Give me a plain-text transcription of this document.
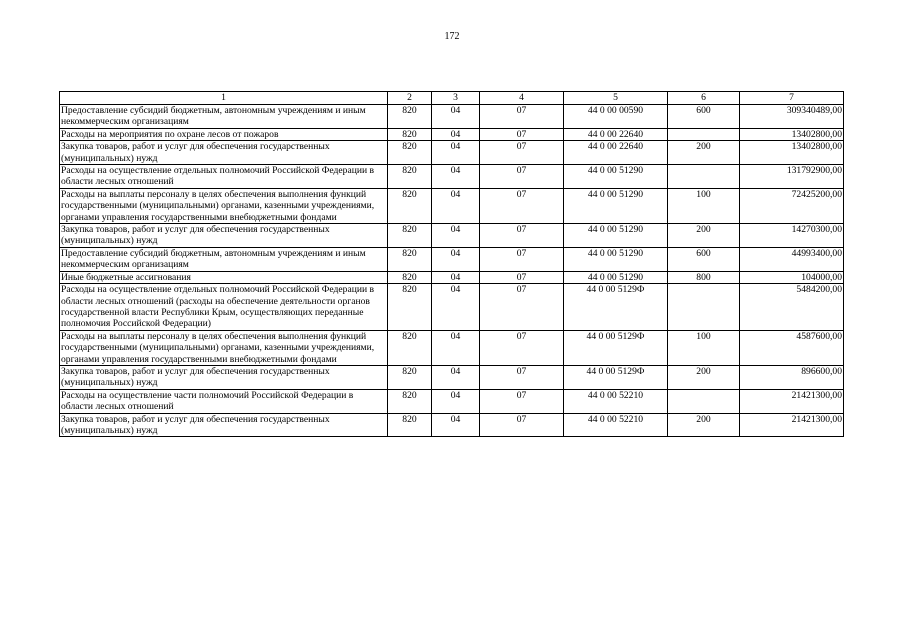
172
1	2	3	4	5	6	7
Предоставление субсидий бюджетным, автономным учреждениям и иным некоммерческим организациям	820	04	07	44 0 00 00590	600	309340489,00
Расходы на мероприятия по охране лесов от пожаров	820	04	07	44 0 00 22640		13402800,00
Закупка товаров, работ и услуг для обеспечения государственных (муниципальных) нужд	820	04	07	44 0 00 22640	200	13402800,00
Расходы на осуществление отдельных полномочий Российской Федерации в области лесных отношений	820	04	07	44 0 00 51290		131792900,00
Расходы на выплаты персоналу в целях обеспечения выполнения функций государственными (муниципальными) органами, казенными учреждениями, органами управления государственными внебюджетными фондами	820	04	07	44 0 00 51290	100	72425200,00
Закупка товаров, работ и услуг для обеспечения государственных (муниципальных) нужд	820	04	07	44 0 00 51290	200	14270300,00
Предоставление субсидий бюджетным, автономным учреждениям и иным некоммерческим организациям	820	04	07	44 0 00 51290	600	44993400,00
Иные бюджетные ассигнования	820	04	07	44 0 00 51290	800	104000,00
Расходы на осуществление отдельных полномочий Российской Федерации в области лесных отношений (расходы на обеспечение деятельности органов государственной власти Республики Крым, осуществляющих переданные полномочия Российской Федерации)	820	04	07	44 0 00 5129Ф		5484200,00
Расходы на выплаты персоналу в целях обеспечения выполнения функций государственными (муниципальными) органами, казенными учреждениями, органами управления государственными внебюджетными фондами	820	04	07	44 0 00 5129Ф	100	4587600,00
Закупка товаров, работ и услуг для обеспечения государственных (муниципальных) нужд	820	04	07	44 0 00 5129Ф	200	896600,00
Расходы на осуществление части полномочий Российской Федерации в области лесных отношений	820	04	07	44 0 00 52210		21421300,00
Закупка товаров, работ и услуг для обеспечения государственных (муниципальных) нужд	820	04	07	44 0 00 52210	200	21421300,00
